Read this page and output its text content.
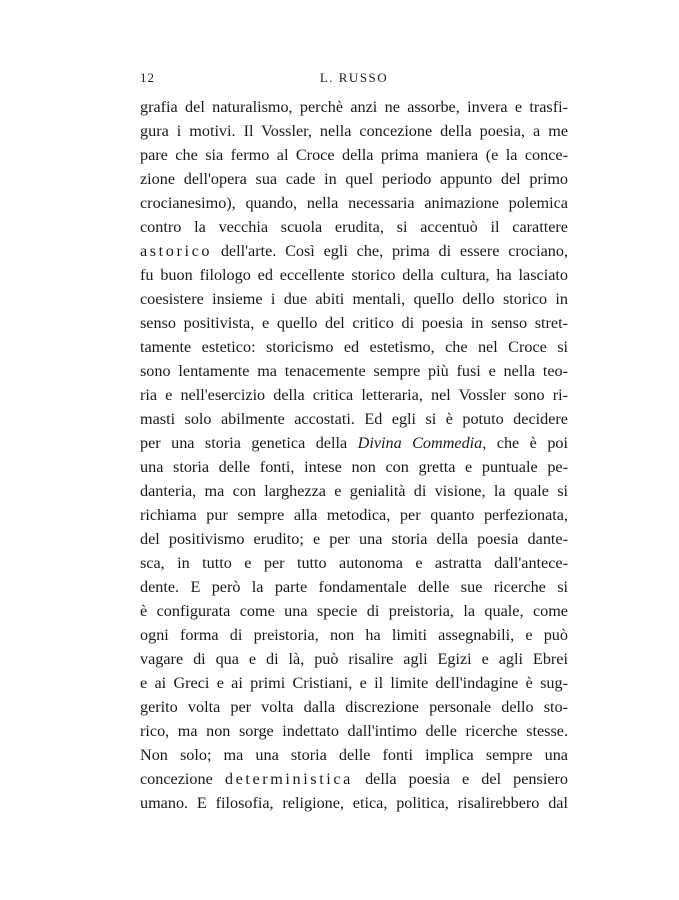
12	L. RUSSO
grafia del naturalismo, perchè anzi ne assorbe, invera e trasfi-
gura i motivi. Il Vossler, nella concezione della poesia, a me
pare che sia fermo al Croce della prima maniera (e la conce-
zione dell'opera sua cade in quel periodo appunto del primo
crocianesimo), quando, nella necessaria animazione polemica
contro la vecchia scuola erudita, si accentuò il carattere
astorico dell'arte. Così egli che, prima di essere crociano,
fu buon filologo ed eccellente storico della cultura, ha lasciato
coesistere insieme i due abiti mentali, quello dello storico in
senso positivista, e quello del critico di poesia in senso stret-
tamente estetico: storicismo ed estetismo, che nel Croce si
sono lentamente ma tenacemente sempre più fusi e nella teo-
ria e nell'esercizio della critica letteraria, nel Vossler sono ri-
masti solo abilmente accostati. Ed egli si è potuto decidere
per una storia genetica della Divina Commedia, che è poi
una storia delle fonti, intese non con gretta e puntuale pe-
danteria, ma con larghezza e genialità di visione, la quale si
richiama pur sempre alla metodica, per quanto perfezionata,
del positivismo erudito; e per una storia della poesia dante-
sca, in tutto e per tutto autonoma e astratta dall'antece-
dente. E però la parte fondamentale delle sue ricerche si
è configurata come una specie di preistoria, la quale, come
ogni forma di preistoria, non ha limiti assegnabili, e può
vagare di qua e di là, può risalire agli Egizi e agli Ebrei
e ai Greci e ai primi Cristiani, e il limite dell'indagine è sug-
gerito volta per volta dalla discrezione personale dello sto-
rico, ma non sorge indettato dall'intimo delle ricerche stesse.
Non solo; ma una storia delle fonti implica sempre una
concezione deterministica della poesia e del pensiero
umano. E filosofia, religione, etica, politica, risalirebbero dal
